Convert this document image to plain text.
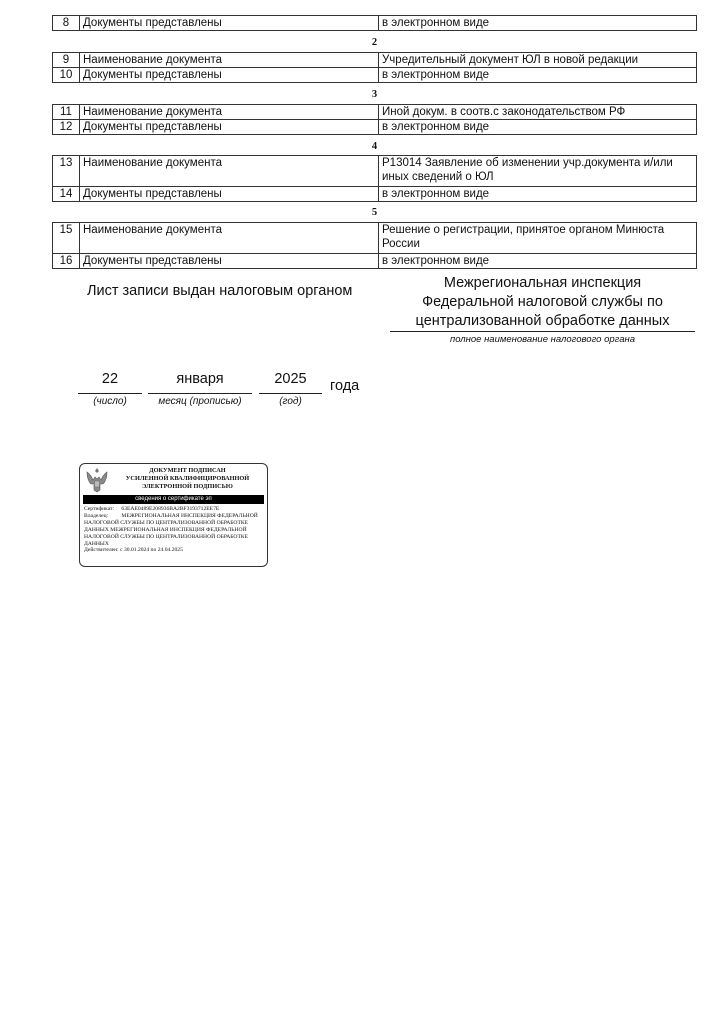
8	Документы представлены	в электронном виде
2
9	Наименование документа	Учредительный документ ЮЛ в новой редакции
10	Документы представлены	в электронном виде
3
11	Наименование документа	Иной докум. в соотв.с законодательством РФ
12	Документы представлены	в электронном виде
4
13	Наименование документа	Р13014 Заявление об изменении учр.документа и/или иных сведений о ЮЛ
14	Документы представлены	в электронном виде
5
15	Наименование документа	Решение о регистрации, принятое органом Минюста России
16	Документы представлены	в электронном виде
Лист записи выдан налоговым органом	Межрегиональная инспекция
Федеральной налоговой службы по
централизованной обработке данных
полное наименование налогового органа
22
(число)
января
месяц (прописью)
2025
(год)
года
ДОКУМЕНТ ПОДПИСАН
УСИЛЕННОЙ КВАЛИФИЦИРОВАННОЙ
ЭЛЕКТРОННОЙ ПОДПИСЬЮ
сведения о сертификате эп
Сертификат: 63EAE0489E208936BA2BF3193712EE7E
Владелец: МЕЖРЕГИОНАЛЬНАЯ ИНСПЕКЦИЯ ФЕДЕРАЛЬНОЙ НАЛОГОВОЙ СЛУЖБЫ ПО ЦЕНТРАЛИЗОВАННОЙ ОБРАБОТКЕ ДАННЫХ МЕЖРЕГИОНАЛЬНАЯ ИНСПЕКЦИЯ ФЕДЕРАЛЬНОЙ НАЛОГОВОЙ СЛУЖБЫ ПО ЦЕНТРАЛИЗОВАННОЙ ОБРАБОТКЕ ДАННЫХ
Действителен: с 30.01.2024 по 24.04.2025
